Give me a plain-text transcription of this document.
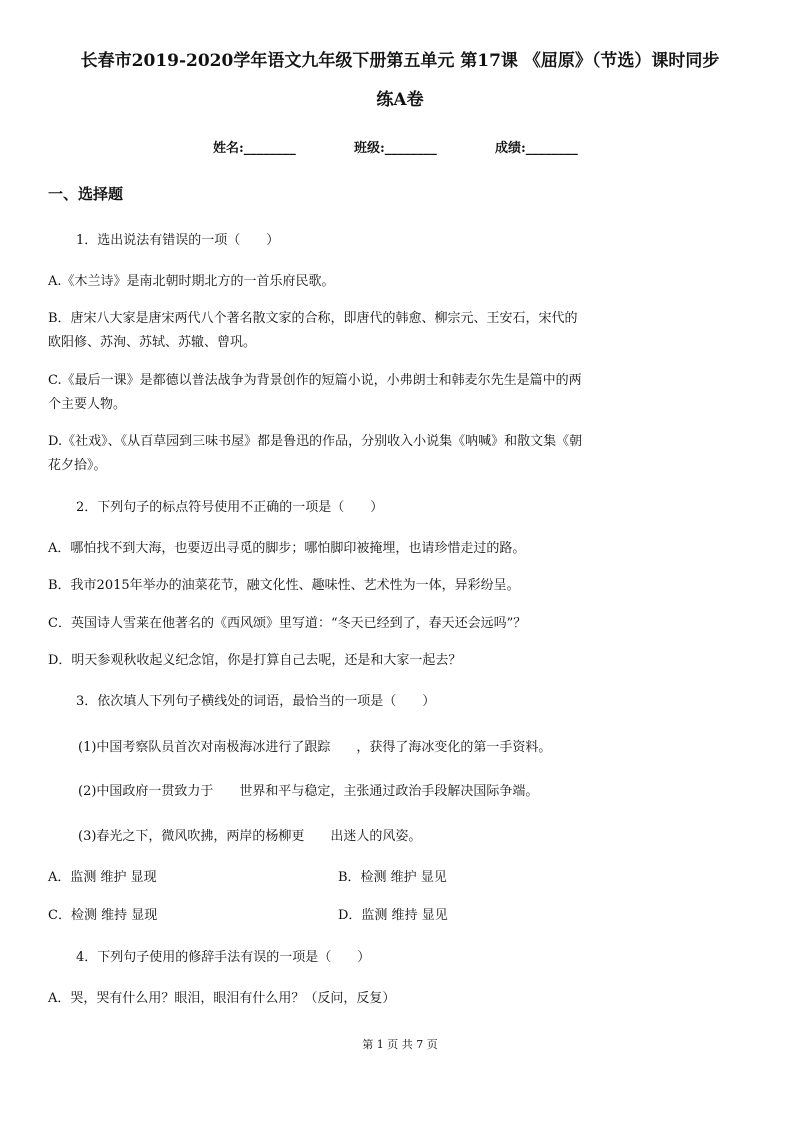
长春市2019-2020学年语文九年级下册第五单元 第17课 《屈原》（节选）课时同步
练A卷
姓名:________	班级:________	成绩:________
一、选择题
1．选出说法有错误的一项（　　）
A.《木兰诗》是南北朝时期北方的一首乐府民歌。
B．唐宋八大家是唐宋两代八个著名散文家的合称，即唐代的韩愈、柳宗元、王安石，宋代的
欧阳修、苏洵、苏轼、苏辙、曾巩。
C.《最后一课》是都德以普法战争为背景创作的短篇小说，小弗朗士和韩麦尔先生是篇中的两
个主要人物。
D.《社戏》、《从百草园到三味书屋》都是鲁迅的作品，分别收入小说集《呐喊》和散文集《朝
花夕拾》。
2．下列句子的标点符号使用不正确的一项是（　　）
A．哪怕找不到大海，也要迈出寻觅的脚步；哪怕脚印被掩埋，也请珍惜走过的路。
B．我市2015年举办的油菜花节，融文化性、趣味性、艺术性为一体，异彩纷呈。
C．英国诗人雪莱在他著名的《西风颂》里写道：“冬天已经到了，春天还会远吗”？
D．明天参观秋收起义纪念馆，你是打算自己去呢，还是和大家一起去？
3．依次填人下列句子横线处的词语，最恰当的一项是（　　）
(1)中国考察队员首次对南极海冰进行了跟踪　　，获得了海冰变化的第一手资料。
(2)中国政府一贯致力于　　世界和平与稳定，主张通过政治手段解决国际争端。
(3)春光之下，微风吹拂，两岸的杨柳更　　出迷人的风姿。
A．监测 维护 显现	B．检测 维护 显见
C．检测 维持 显现	D．监测 维持 显见
4．下列句子使用的修辞手法有误的一项是（　　）
A．哭，哭有什么用？眼泪，眼泪有什么用？（反问，反复）
第 1 页 共 7 页
